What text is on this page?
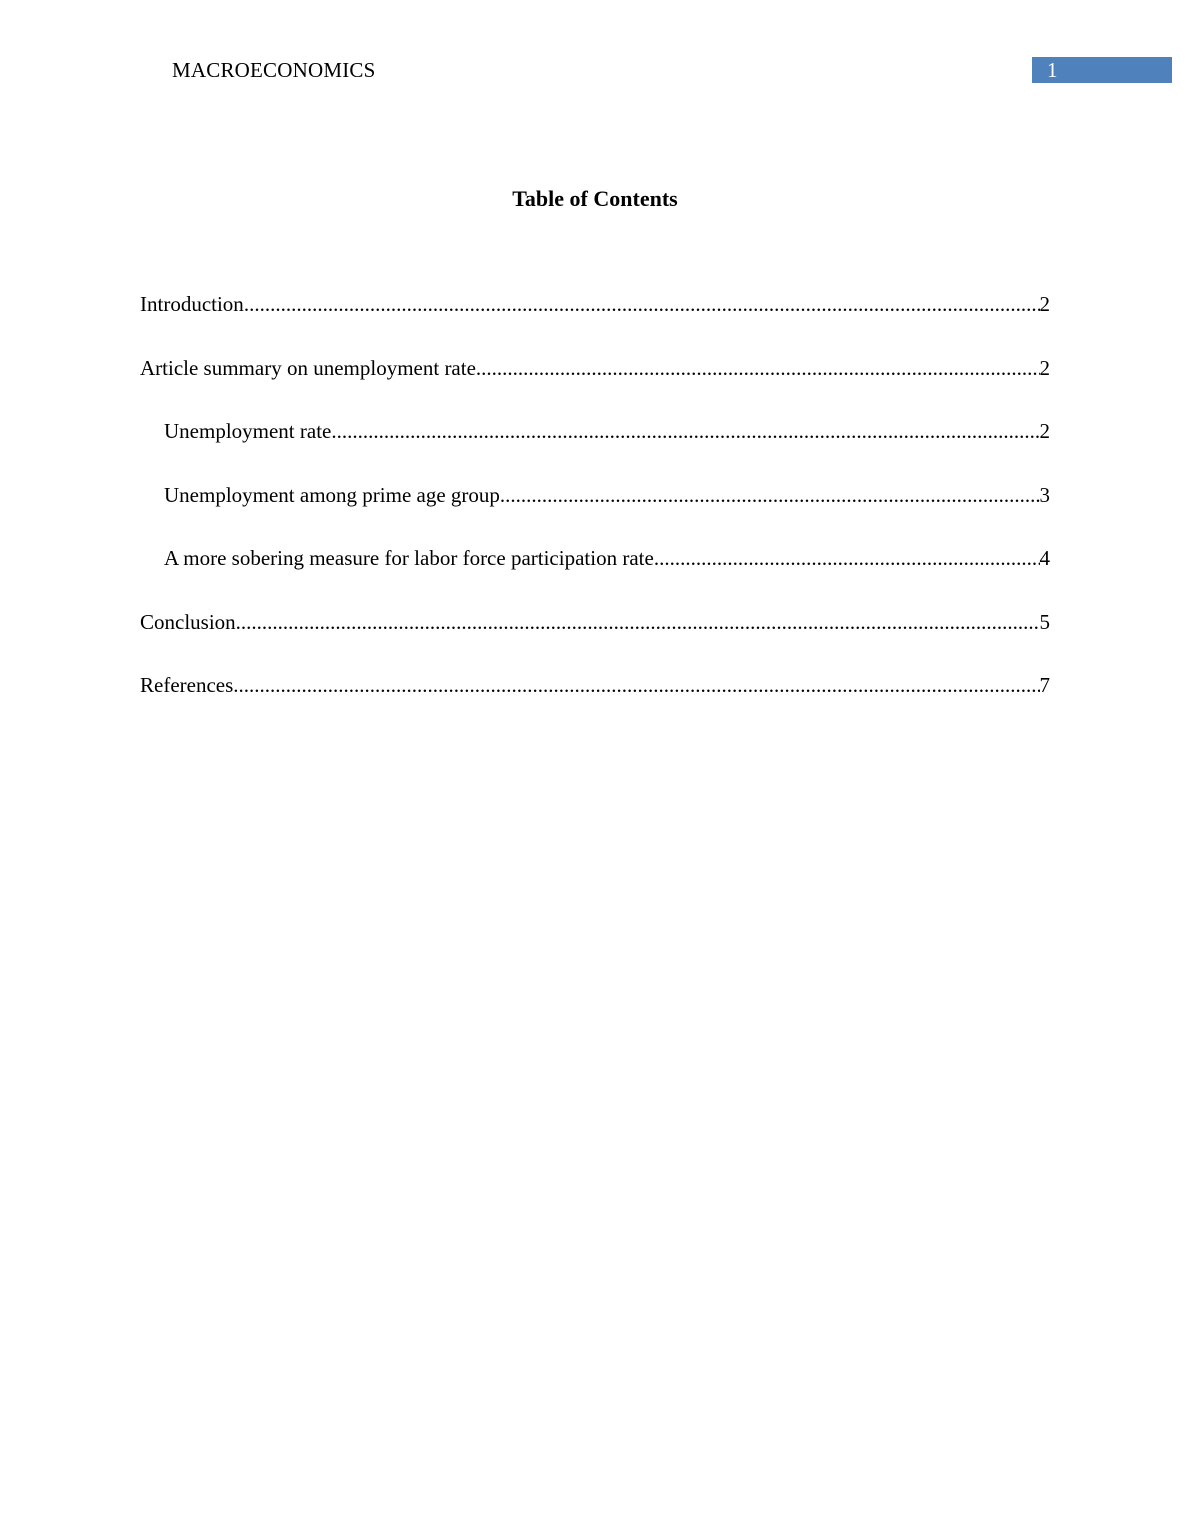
MACROECONOMICS	1
Table of Contents
Introduction .....	2
Article summary on unemployment rate .....	2
Unemployment rate .....	2
Unemployment among prime age group .....	3
A more sobering measure for labor force participation rate .....	4
Conclusion .....	5
References .....	7
